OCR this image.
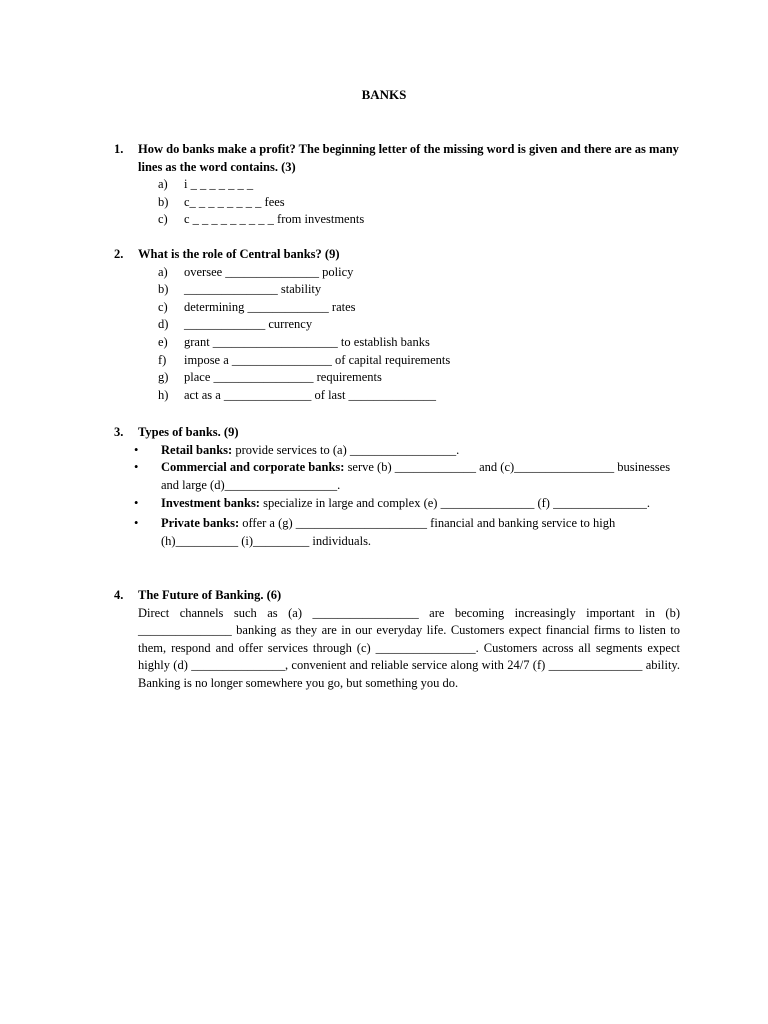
BANKS
1.	How do banks make a profit? The beginning letter of the missing word is given and there are as many lines as the word contains. (3)
a)	i _ _ _ _ _ _ _
b)	c_ _ _ _ _ _ _ _ fees
c)	c _ _ _ _ _ _ _ _ _ from investments
2.	What is the role of Central banks? (9)
a)	oversee _______________ policy
b)	_______________ stability
c)	determining _____________ rates
d)	_____________ currency
e)	grant ____________________ to establish banks
f)	impose a ________________ of capital requirements
g)	place ________________ requirements
h)	act as a ______________ of last ______________
3.	Types of banks. (9)
•	Retail banks: provide services to (a) _________________.
•	Commercial and corporate banks: serve (b) _____________ and (c)________________ businesses and large (d)__________________.
•	Investment banks: specialize in large and complex (e) _______________ (f) _______________.
•	Private banks: offer a (g) _____________________ financial and banking service to high (h)__________ (i)_________ individuals.
4.	The Future of Banking. (6)
Direct channels such as (a) _________________ are becoming increasingly important in (b) _______________ banking as they are in our everyday life. Customers expect financial firms to listen to them, respond and offer services through (c) ________________. Customers across all segments expect highly (d) _______________, convenient and reliable service along with 24/7 (f) _______________ ability. Banking is no longer somewhere you go, but something you do.
